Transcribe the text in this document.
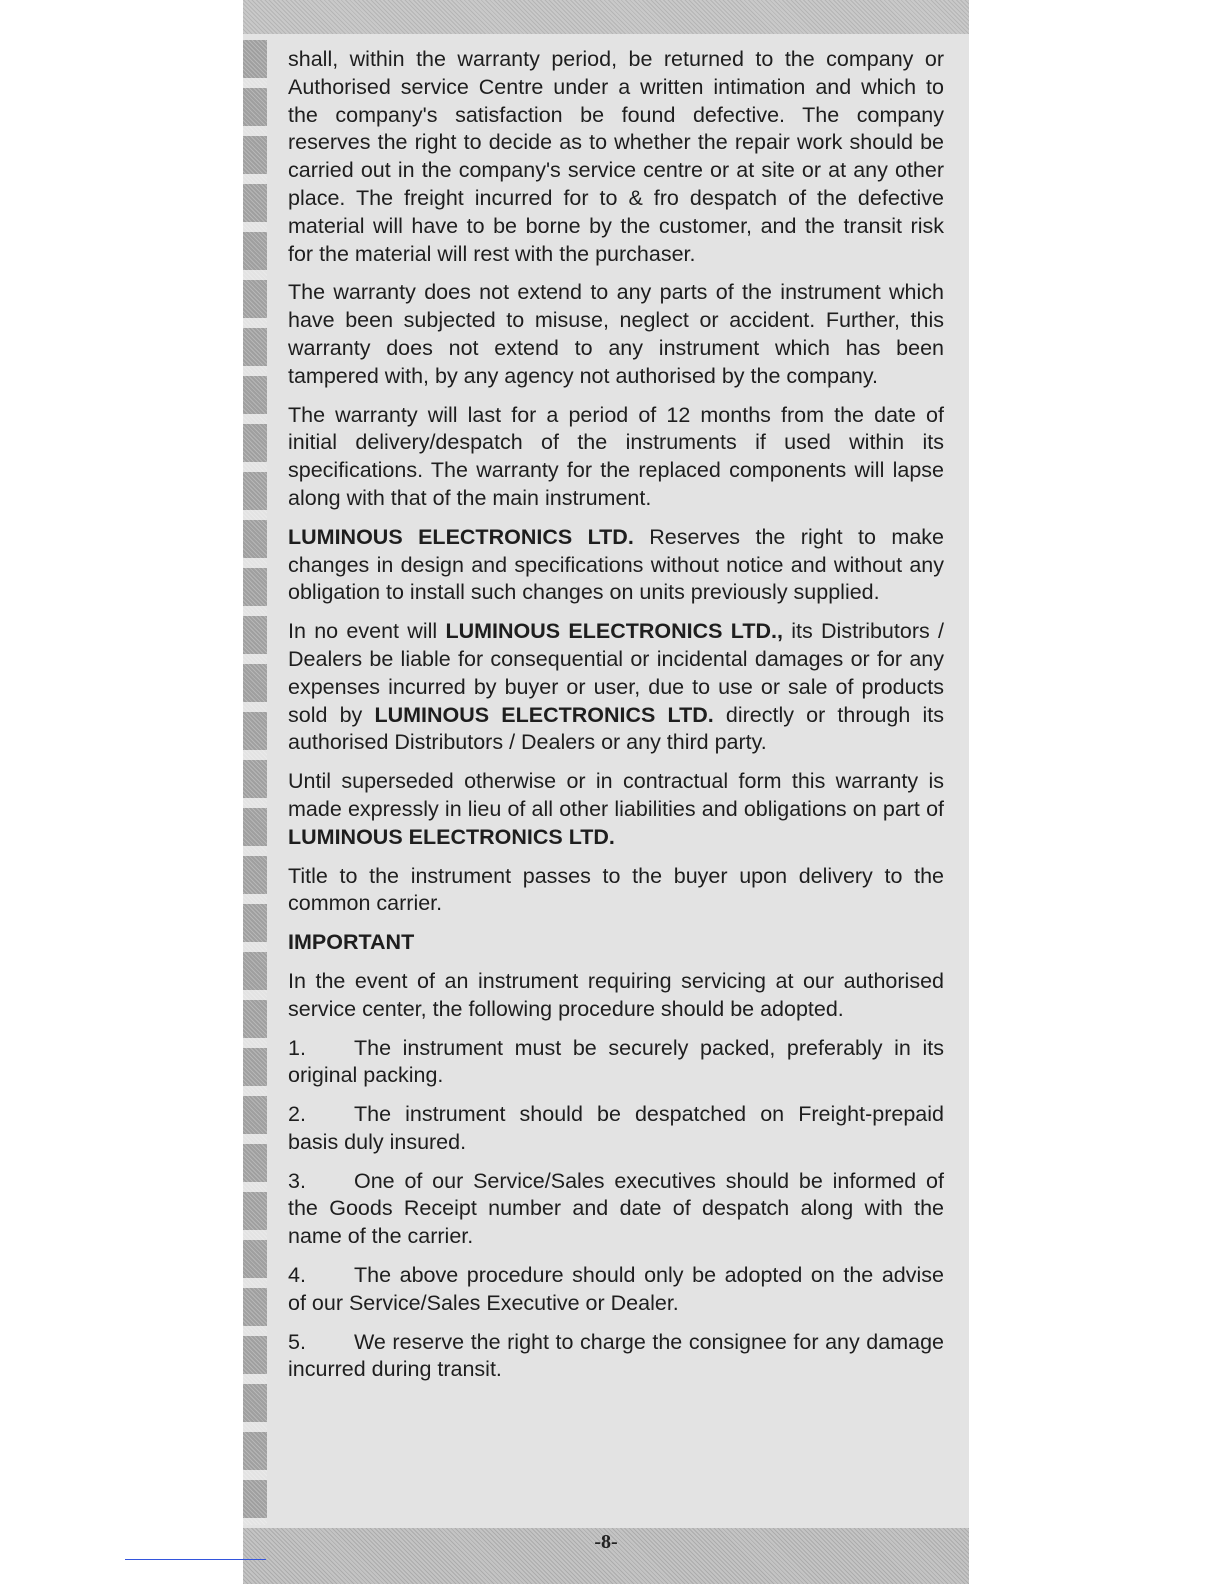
-8-

shall, within the warranty period, be returned to the company or Authorised service Centre under a written intimation and which to the company's satisfaction be found defective. The company reserves the right to decide as to whether the repair work should be carried out in the company's service centre or at site or at any other place. The freight incurred for to & fro despatch of the defective material will have to be borne by the customer, and the transit risk for the material will rest with the purchaser.

The warranty does not extend to any parts of the instrument which have been subjected to misuse, neglect or accident. Further, this warranty does not extend to any instrument which has been tampered with, by any agency not authorised by the company.

The warranty will last for a period of 12 months from the date of initial delivery/despatch of the instruments if used within its specifications. The warranty for the replaced components will lapse along with that of the main instrument.

LUMINOUS ELECTRONICS LTD. Reserves the right to make changes in design and specifications without notice and without any obligation to install such changes on units previously supplied.

In no event will LUMINOUS ELECTRONICS LTD., its Distributors / Dealers be liable for consequential or incidental damages or for any expenses incurred by buyer or user, due to use or sale of products sold by LUMINOUS ELECTRONICS LTD. directly or through its authorised Distributors / Dealers or any third party.

Until superseded otherwise or in contractual form this warranty is made expressly in lieu of all other liabilities and obligations on part of LUMINOUS ELECTRONICS LTD.

Title to the instrument passes to the buyer upon delivery to the common carrier.

IMPORTANT

In the event of an instrument requiring servicing at our authorised service center, the following procedure should be adopted.

1. The instrument must be securely packed, preferably in its original packing.

2. The instrument should be despatched on Freight-prepaid basis duly insured.

3. One of our Service/Sales executives should be informed of the Goods Receipt number and date of despatch along with the name of the carrier.

4. The above procedure should only be adopted on the advise of our Service/Sales Executive or Dealer.

5. We reserve the right to charge the consignee for any damage incurred during transit.
